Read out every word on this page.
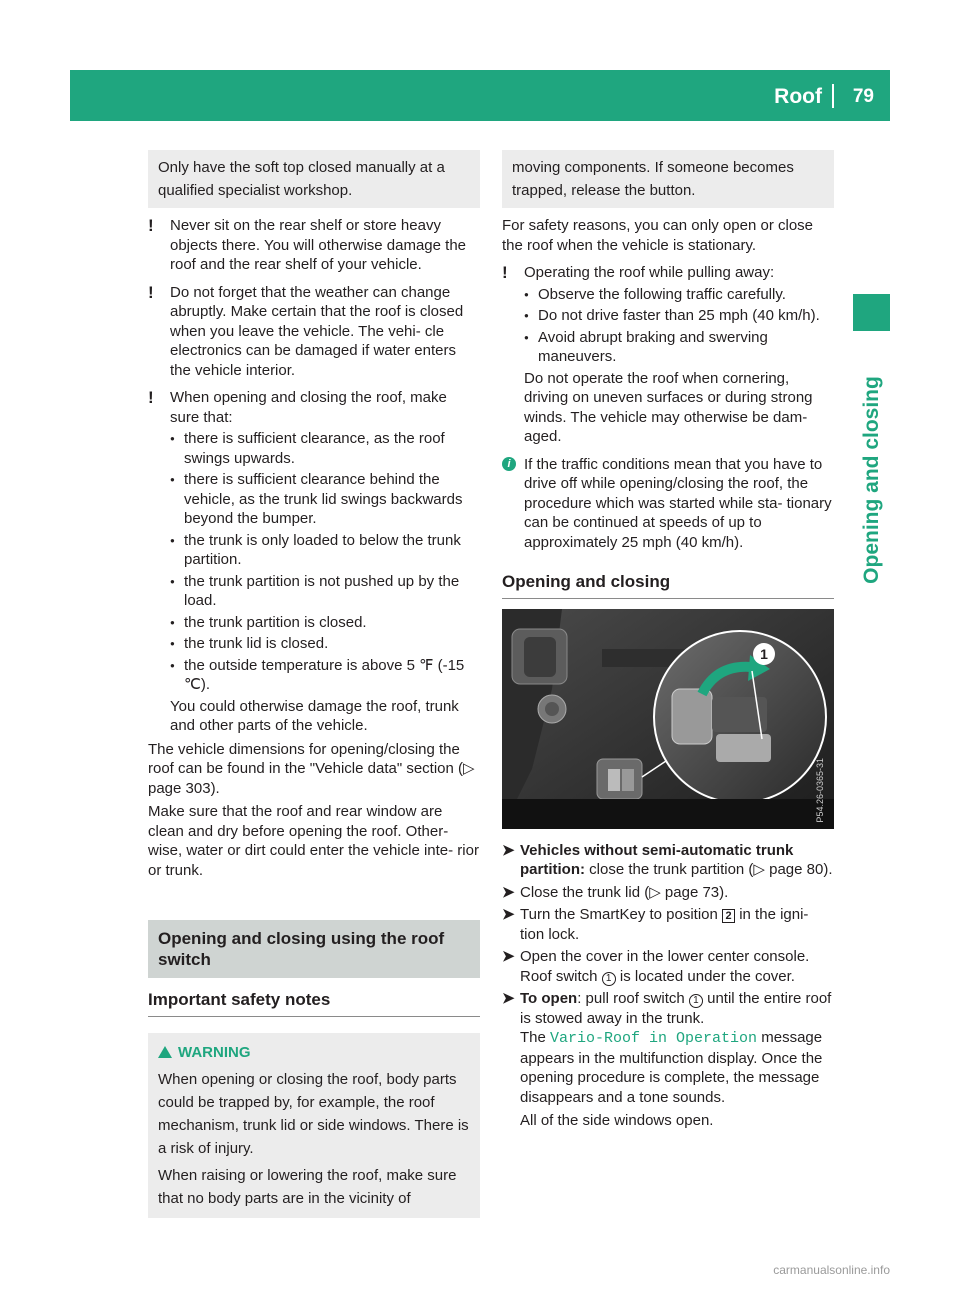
Roof 79
Opening and closing

Only have the soft top closed manually at a qualified specialist workshop.

! Never sit on the rear shelf or store heavy objects there. You will otherwise damage the roof and the rear shelf of your vehicle.

! Do not forget that the weather can change abruptly. Make certain that the roof is closed when you leave the vehicle. The vehi- cle electronics can be damaged if water enters the vehicle interior.

! When opening and closing the roof, make sure that:

● there is sufficient clearance, as the roof swings upwards.
● there is sufficient clearance behind the vehicle, as the trunk lid swings backwards beyond the bumper.
● the trunk is only loaded to below the trunk partition.
● the trunk partition is not pushed up by the load.
● the trunk partition is closed.
● the trunk lid is closed.
● the outside temperature is above 5 ℉ (‑15 ℃).

You could otherwise damage the roof, trunk and other parts of the vehicle.

The vehicle dimensions for opening/closing the roof can be found in the "Vehicle data" section (▷ page 303).

Make sure that the roof and rear window are clean and dry before opening the roof. Other- wise, water or dirt could enter the vehicle inte- rior or trunk.

Opening and closing using the roof switch
Important safety notes
WARNING

When opening or closing the roof, body parts could be trapped by, for example, the roof mechanism, trunk lid or side windows. There is a risk of injury.

When raising or lowering the roof, make sure that no body parts are in the vicinity of

moving components. If someone becomes trapped, release the button.

For safety reasons, you can only open or close the roof when the vehicle is stationary.

! Operating the roof while pulling away:

● Observe the following traffic carefully.
● Do not drive faster than 25 mph (40 km/h).
● Avoid abrupt braking and swerving maneuvers.

Do not operate the roof when cornering, driving on uneven surfaces or during strong winds. The vehicle may otherwise be dam- aged.

i If the traffic conditions mean that you have to drive off while opening/closing the roof, the procedure which was started while sta- tionary can be continued at speeds of up to approximately 25 mph (40 km/h).

Opening and closing
1
P54.26-0365-31
➤ Vehicles without semi-automatic trunk partition: close the trunk partition (▷ page 80).
➤ Close the trunk lid (▷ page 73).
➤ Turn the SmartKey to position 2 in the igni- tion lock.
➤ Open the cover in the lower center console.
Roof switch 1 is located under the cover.
➤ To open: pull roof switch 1 until the entire roof is stowed away in the trunk.
The Vario-Roof in Operation message appears in the multifunction display. Once the opening procedure is complete, the message disappears and a tone sounds.

All of the side windows open.

carmanualsonline.info
